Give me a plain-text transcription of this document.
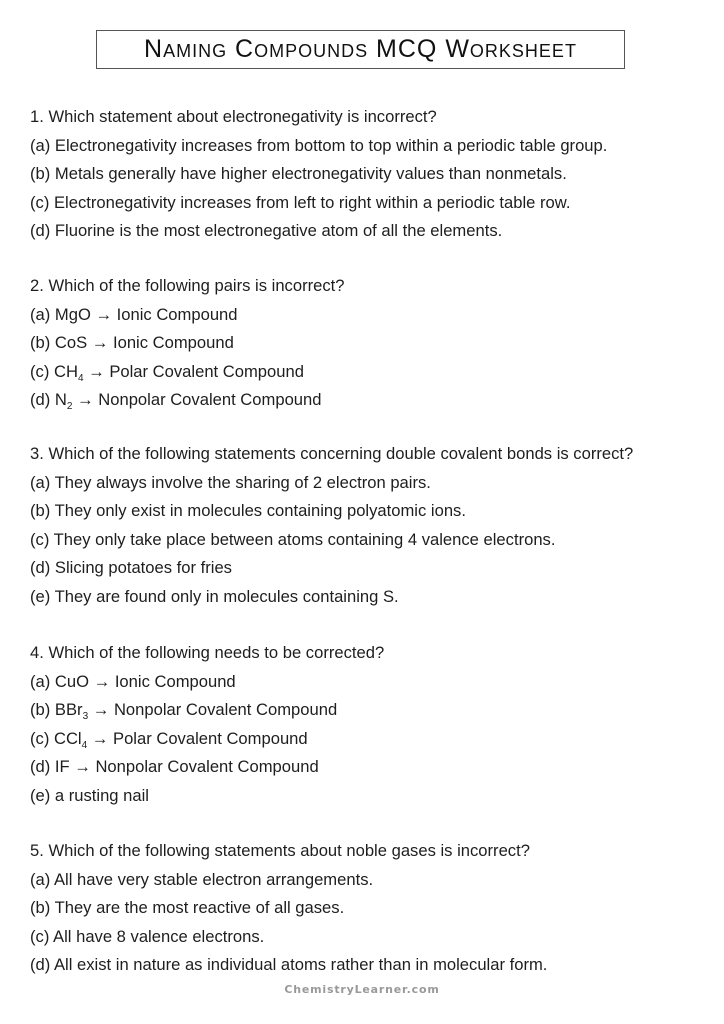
Naming Compounds MCQ Worksheet
1. Which statement about electronegativity is incorrect?
(a) Electronegativity increases from bottom to top within a periodic table group.
(b) Metals generally have higher electronegativity values than nonmetals.
(c) Electronegativity increases from left to right within a periodic table row.
(d) Fluorine is the most electronegative atom of all the elements.
2. Which of the following pairs is incorrect?
(a) MgO → Ionic Compound
(b) CoS → Ionic Compound
(c) $CH_4$ → Polar Covalent Compound
(d) $N_2$ → Nonpolar Covalent Compound
3. Which of the following statements concerning double covalent bonds is correct?
(a) They always involve the sharing of 2 electron pairs.
(b) They only exist in molecules containing polyatomic ions.
(c) They only take place between atoms containing 4 valence electrons.
(d) Slicing potatoes for fries
(e) They are found only in molecules containing S.
4. Which of the following needs to be corrected?
(a) CuO → Ionic Compound
(b) BBr$_3$ → Nonpolar Covalent Compound
(c) CCl$_4$ → Polar Covalent Compound
(d) IF → Nonpolar Covalent Compound
(e) a rusting nail
5. Which of the following statements about noble gases is incorrect?
(a) All have very stable electron arrangements.
(b) They are the most reactive of all gases.
(c) All have 8 valence electrons.
(d) All exist in nature as individual atoms rather than in molecular form.
ChemistryLearner.com
